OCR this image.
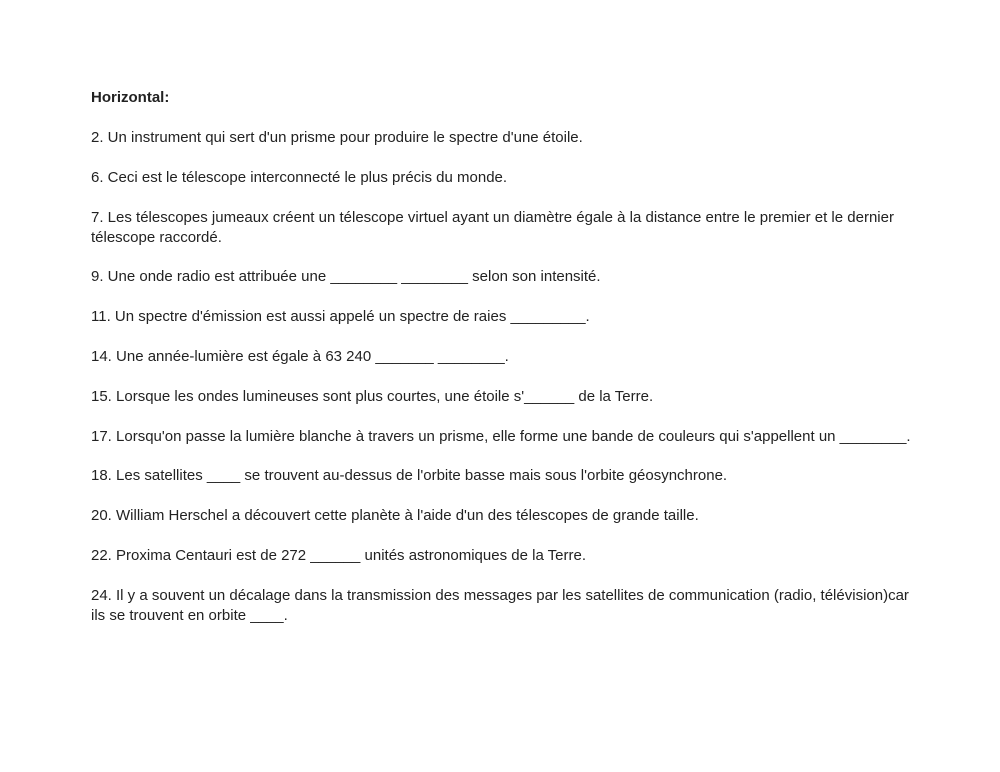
Horizontal:
2. Un instrument qui sert d'un prisme pour produire le spectre d'une étoile.
6. Ceci est le télescope interconnecté le plus précis du monde.
7. Les télescopes jumeaux créent un télescope virtuel ayant un diamètre égale à la distance entre le premier et le dernier télescope raccordé.
9. Une onde radio est attribuée une ________ ________ selon son intensité.
11. Un spectre d'émission est aussi appelé un spectre de raies _________.
14. Une année-lumière est égale à 63 240 _______ ________.
15. Lorsque les ondes lumineuses sont plus courtes, une étoile s'______ de la Terre.
17. Lorsqu'on passe la lumière blanche à travers un prisme, elle forme une bande de couleurs qui s'appellent un ________.
18. Les satellites ____ se trouvent au-dessus de l'orbite basse mais sous l'orbite géosynchrone.
20. William Herschel a découvert cette planète à l'aide d'un des télescopes de grande taille.
22. Proxima Centauri est de 272 ______ unités astronomiques de la Terre.
24. Il y a souvent un décalage dans la transmission des messages par les satellites de communication (radio, télévision)car ils se trouvent en orbite ____.
